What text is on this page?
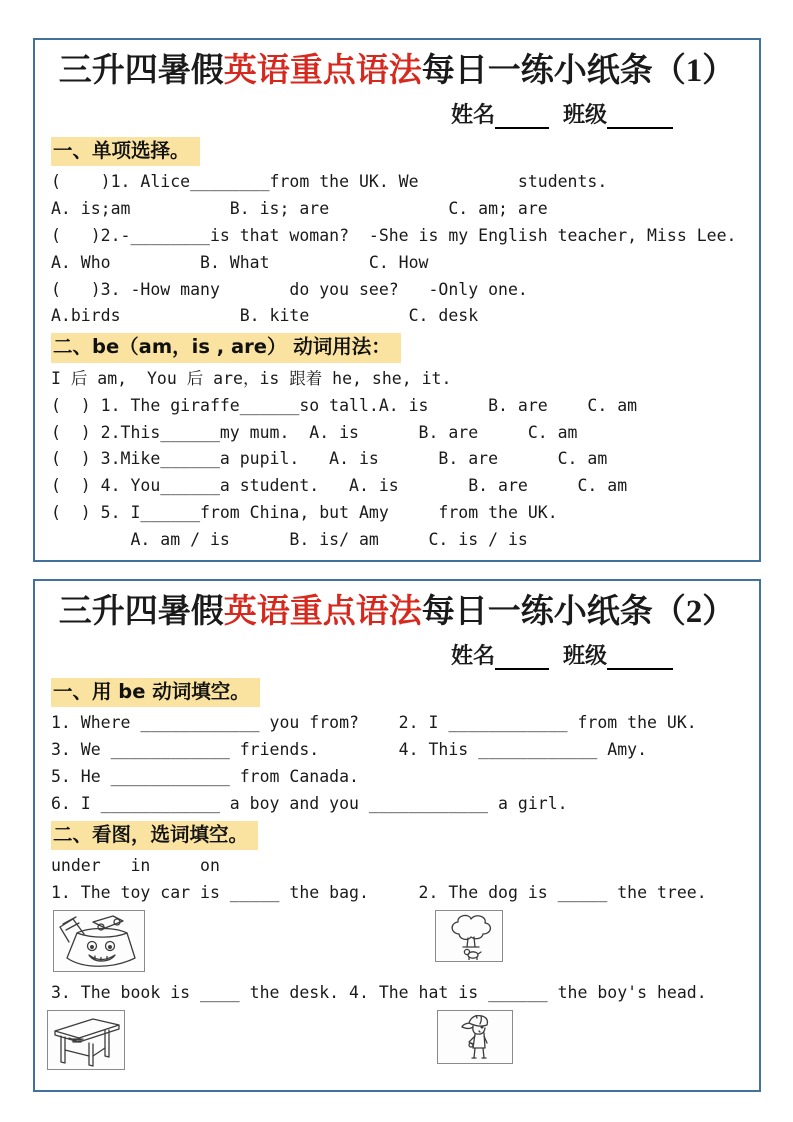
三升四暑假英语重点语法每日一练小纸条（1）
姓名	班级
一、单项选择。
(    )1. Alice________from the UK. We          students.
A. is;am          B. is; are            C. am; are
(   )2.-________is that woman?  -She is my English teacher, Miss Lee.
A. Who         B. What          C. How
(   )3. -How many       do you see?   -Only one.
A.birds            B. kite          C. desk
二、be（am，is , are） 动词用法：
I 后 am,  You 后 are，is 跟着 he, she, it.
(  ) 1. The giraffe______so tall.A. is      B. are    C. am
(  ) 2.This______my mum.  A. is      B. are     C. am
(  ) 3.Mike______a pupil.   A. is      B. are      C. am
(  ) 4. You______a student.   A. is       B. are     C. am
(  ) 5. I______from China, but Amy     from the UK.
A. am / is      B. is/ am     C. is / is
三升四暑假英语重点语法每日一练小纸条（2）
姓名	班级
一、用 be 动词填空。
1. Where ____________ you from?    2. I ____________ from the UK.
3. We ____________ friends.        4. This ____________ Amy.
5. He ____________ from Canada.
6. I ____________ a boy and you ____________ a girl.
二、看图，选词填空。
under   in     on
1. The toy car is _____ the bag.     2. The dog is _____ the tree.
3. The book is ____ the desk. 4. The hat is ______ the boy's head.
